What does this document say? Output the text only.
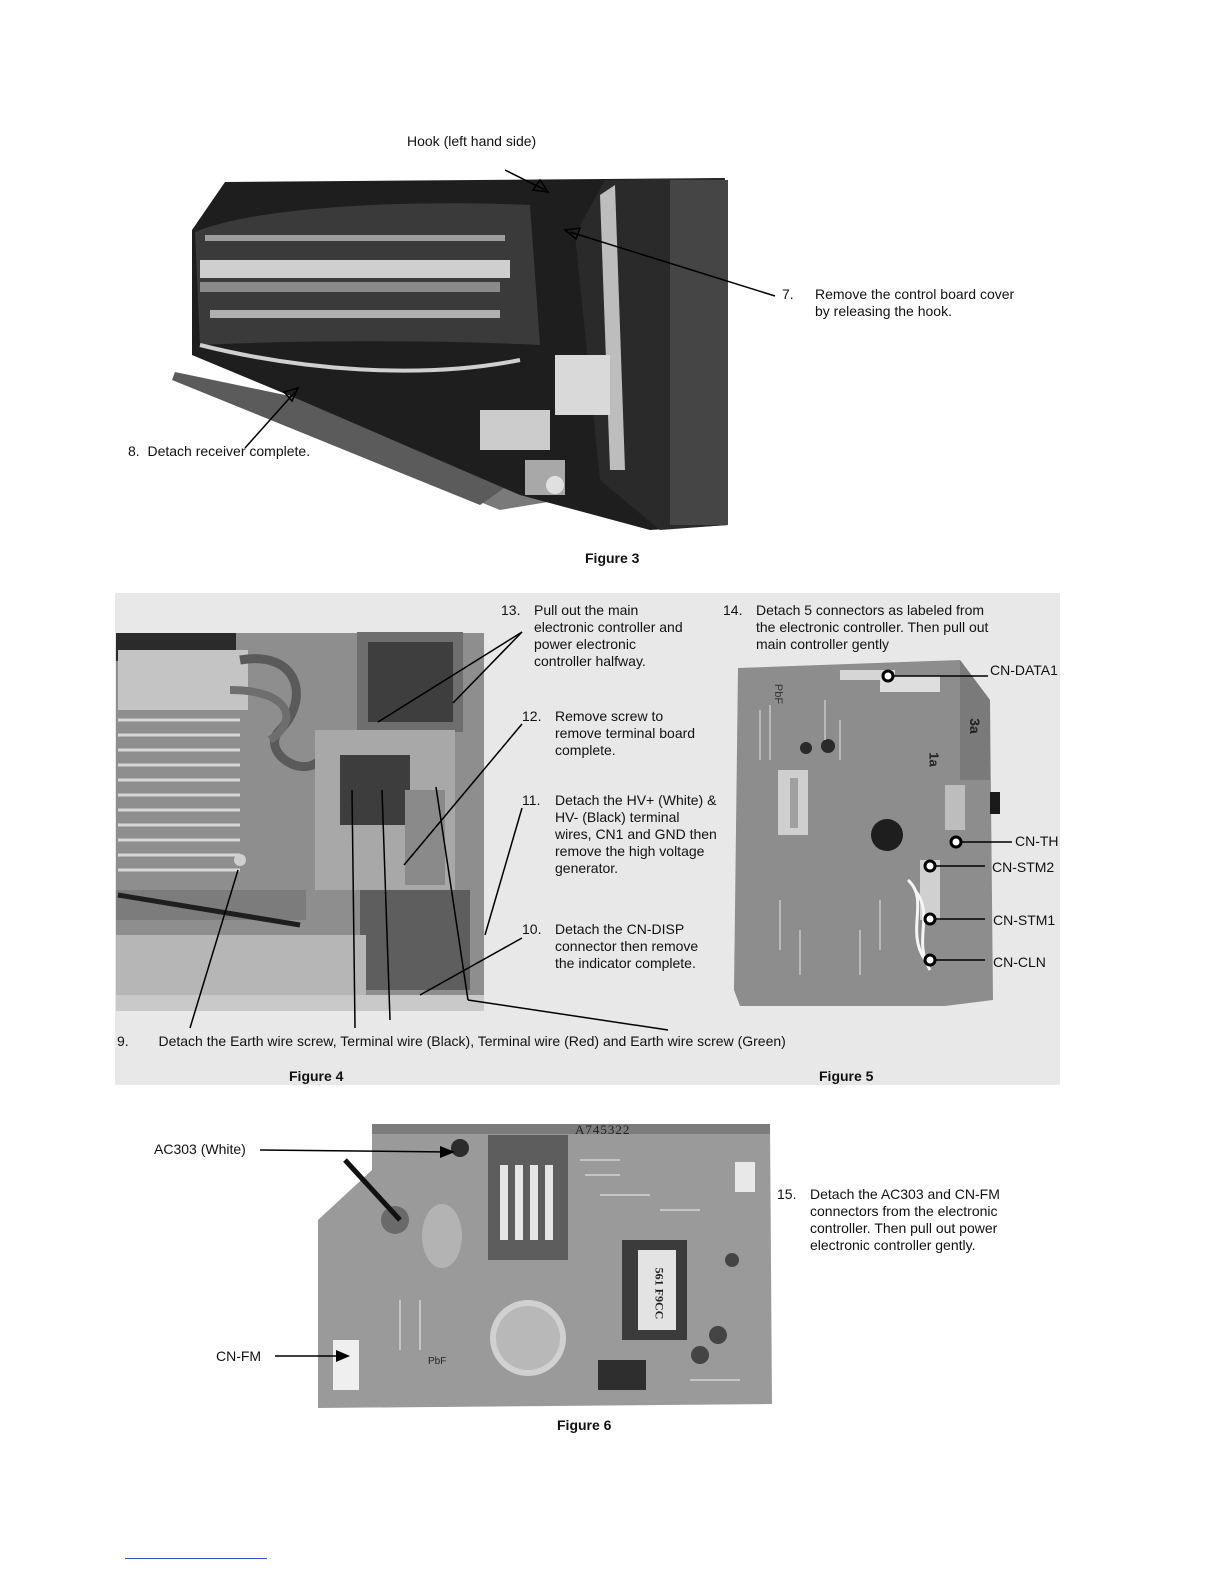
Hook (left hand side)
7. Remove the control board cover
by releasing the hook.
8. Detach receiver complete.
Figure 3
13. Pull out the main
electronic controller and
power electronic
controller halfway.
12. Remove screw to
remove terminal board
complete.
11. Detach the HV+ (White) &
HV- (Black) terminal
wires, CN1 and GND then
remove the high voltage
generator.
10. Detach the CN-DISP
connector then remove
the indicator complete.
9. Detach the Earth wire screw, Terminal wire (Black), Terminal wire (Red) and Earth wire screw (Green)
Figure 4
PbF
3a
1a
14. Detach 5 connectors as labeled from
the electronic controller. Then pull out
main controller gently
CN-DATA1
CN-TH
CN-STM2
CN-STM1
CN-CLN
Figure 5
A745322
561 F9CC
PbF
AC303 (White)
CN-FM
15. Detach the AC303 and CN-FM
connectors from the electronic
controller. Then pull out power
electronic controller gently.
Figure 6
